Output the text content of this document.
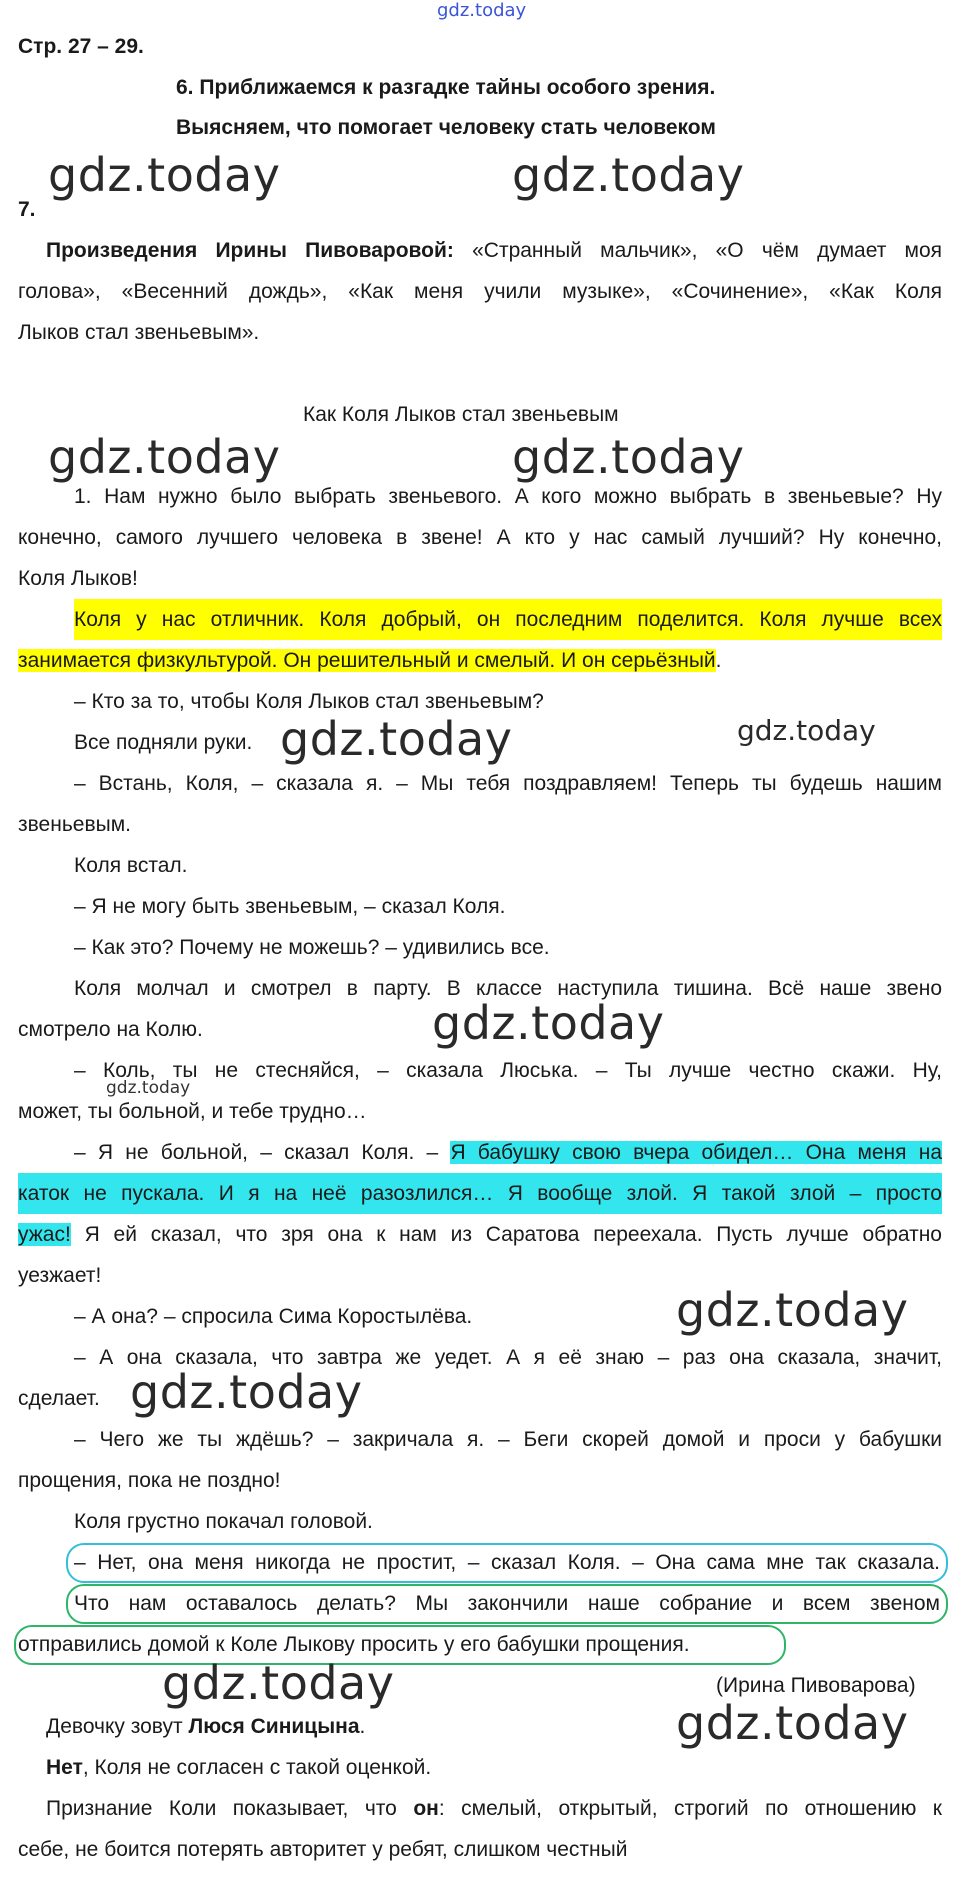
gdz.today
Стр. 27 – 29.
6. Приближаемся к разгадке тайны особого зрения.
Выясняем, что помогает человеку стать человеком
gdz.today	gdz.today
7.
Произведения Ирины Пивоваровой: «Странный мальчик», «О чём думает моя
голова», «Весенний дождь», «Как меня учили музыке», «Сочинение», «Как Коля
Лыков стал звеньевым».
Как Коля Лыков стал звеньевым
gdz.today	gdz.today
1. Нам нужно было выбрать звеньевого. А кого можно выбрать в звеньевые? Ну
конечно, самого лучшего человека в звене! А кто у нас самый лучший? Ну конечно,
Коля Лыков!
Коля у нас отличник. Коля добрый, он последним поделится. Коля лучше всех
занимается физкультурой. Он решительный и смелый. И он серьёзный.
– Кто за то, чтобы Коля Лыков стал звеньевым?
Все подняли руки. gdz.today	gdz.today
– Встань, Коля, – сказала я. – Мы тебя поздравляем! Теперь ты будешь нашим
звеньевым.
Коля встал.
– Я не могу быть звеньевым, – сказал Коля.
– Как это? Почему не можешь? – удивились все.
Коля молчал и смотрел в парту. В классе наступила тишина. Всё наше звено
смотрело на Колю.	gdz.today
– Коль, ты не стесняйся, – сказала Люська. – Ты лучше честно скажи. Ну,
gdz.today
может, ты больной, и тебе трудно…
– Я не больной, – сказал Коля. – Я бабушку свою вчера обидел… Она меня на
каток не пускала. И я на неё разозлился… Я вообще злой. Я такой злой – просто
ужас! Я ей сказал, что зря она к нам из Саратова переехала. Пусть лучше обратно
уезжает!
– А она? – спросила Сима Коростылёва.	gdz.today
– А она сказала, что завтра же уедет. А я её знаю – раз она сказала, значит,
сделает. gdz.today
– Чего же ты ждёшь? – закричала я. – Беги скорей домой и проси у бабушки
прощения, пока не поздно!
Коля грустно покачал головой.
– Нет, она меня никогда не простит, – сказал Коля. – Она сама мне так сказала.
Что нам оставалось делать? Мы закончили наше собрание и всем звеном
отправились домой к Коле Лыкову просить у его бабушки прощения.
gdz.today	(Ирина Пивоварова)
Девочку зовут Люся Синицына.	gdz.today
Нет, Коля не согласен с такой оценкой.
Признание Коли показывает, что он: смелый, открытый, строгий по отношению к
себе, не боится потерять авторитет у ребят, слишком честный
